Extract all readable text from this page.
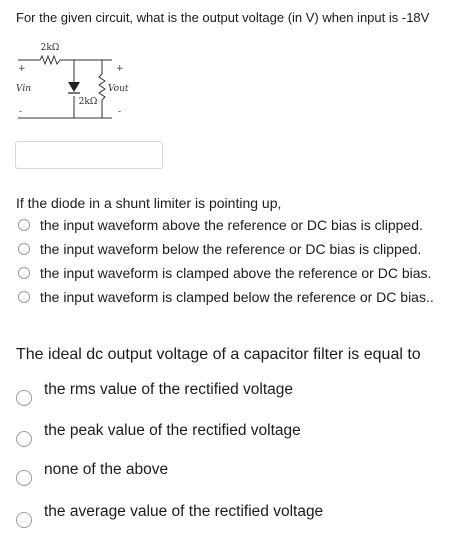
For the given circuit, what is the output voltage (in V) when input is -18V
2kΩ
+
Vin
-
+
Vout
-
2kΩ
If the diode in a shunt limiter is pointing up,
the input waveform above the reference or DC bias is clipped.
the input waveform below the reference or DC bias is clipped.
the input waveform is clamped above the reference or DC bias.
the input waveform is clamped below the reference or DC bias..
The ideal dc output voltage of a capacitor filter is equal to
the rms value of the rectified voltage
the peak value of the rectified voltage
none of the above
the average value of the rectified voltage
